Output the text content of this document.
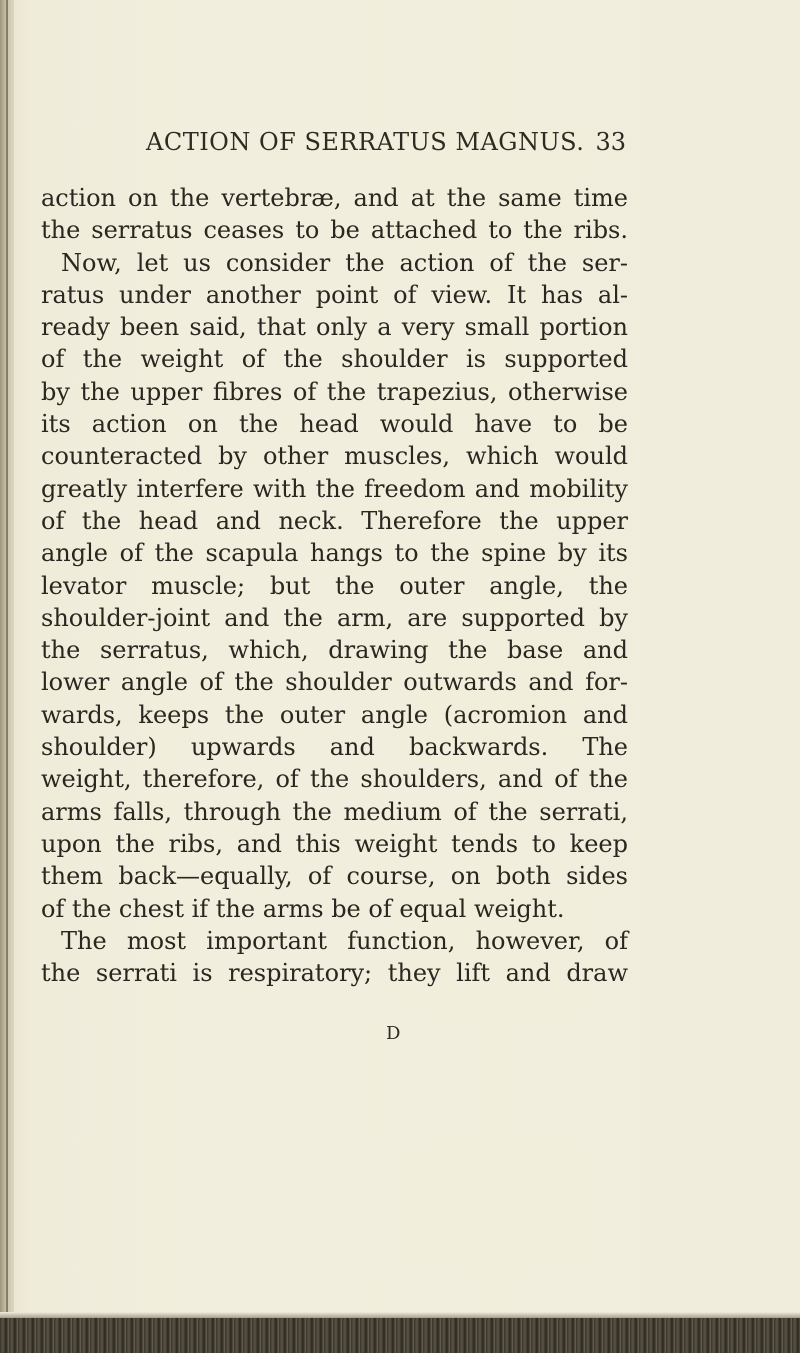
ACTION OF SERRATUS MAGNUS. 33
action on the vertebræ, and at the same time
the serratus ceases to be attached to the ribs.
Now, let us consider the action of the ser-
ratus under another point of view. It has al-
ready been said, that only a very small portion
of the weight of the shoulder is supported
by the upper fibres of the trapezius, otherwise
its action on the head would have to be
counteracted by other muscles, which would
greatly interfere with the freedom and mobility
of the head and neck. Therefore the upper
angle of the scapula hangs to the spine by its
levator muscle; but the outer angle, the
shoulder-joint and the arm, are supported by
the serratus, which, drawing the base and
lower angle of the shoulder outwards and for-
wards, keeps the outer angle (acromion and
shoulder) upwards and backwards. The
weight, therefore, of the shoulders, and of the
arms falls, through the medium of the serrati,
upon the ribs, and this weight tends to keep
them back—equally, of course, on both sides
of the chest if the arms be of equal weight.
The most important function, however, of
the serrati is respiratory; they lift and draw
D
